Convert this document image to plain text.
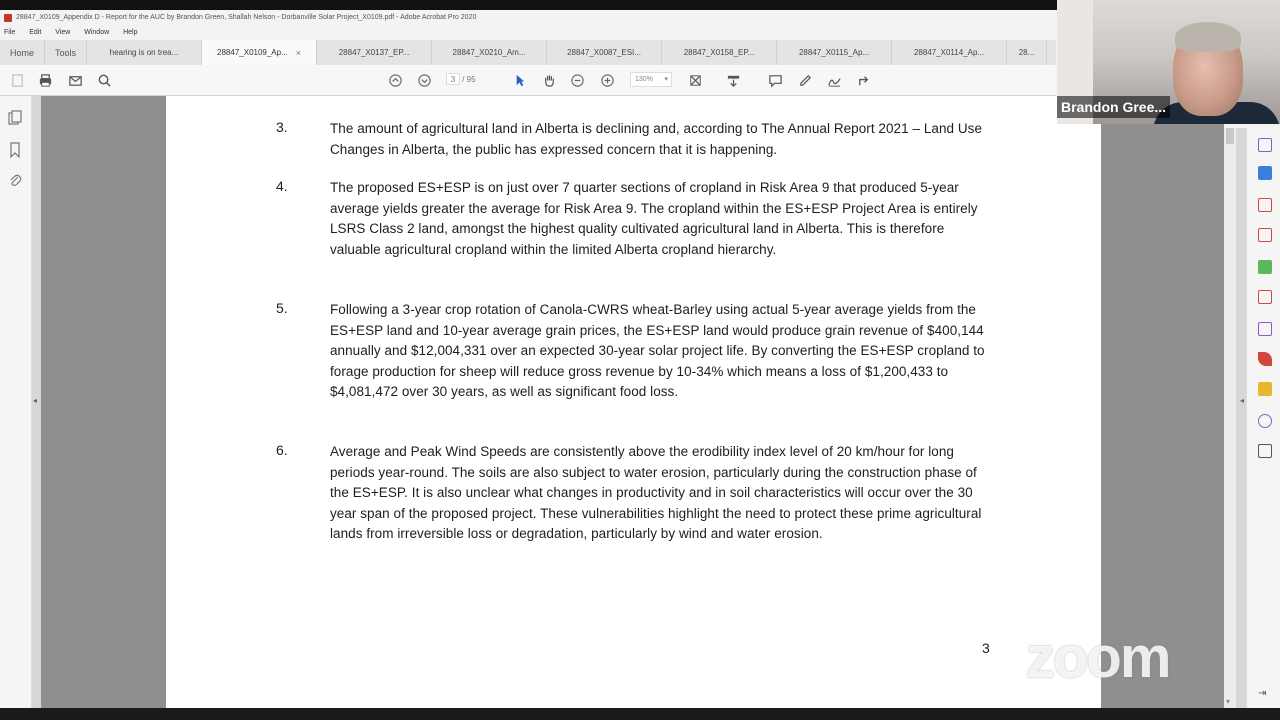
28847_X0109_Appendix D - Report for the AUC by Brandon Green, Shallah Nelson - Dorbanville Solar Project_X0109.pdf - Adobe Acrobat Pro 2020
File Edit View Window Help
Home	Tools	hearing is on trea...	28847_X0109_Ap... ×	28847_X0137_EP...	28847_X0210_Am...	28847_X0087_ESI...	28847_X0158_EP...	28847_X0115_Ap...	28847_X0114_Ap...	28...
3 / 95	130% ▾
◂
3.	The amount of agricultural land in Alberta is declining and, according to The Annual Report 2021 – Land Use Changes in Alberta, the public has expressed concern that it is happening.

4.	The proposed ES+ESP is on just over 7 quarter sections of cropland in Risk Area 9 that produced 5-year average yields greater the average for Risk Area 9. The cropland within the ES+ESP Project Area is entirely LSRS Class 2 land, amongst the highest quality cultivated agricultural land in Alberta. This is therefore valuable agricultural cropland within the limited Alberta cropland hierarchy.

5.	Following a 3-year crop rotation of Canola-CWRS wheat-Barley using actual 5-year average yields from the ES+ESP land and 10-year average grain prices, the ES+ESP land would produce grain revenue of $400,144 annually and $12,004,331 over an expected 30-year solar project life. By converting the ES+ESP cropland to forage production for sheep will reduce gross revenue by 10-34% which means a loss of $1,200,433 to $4,081,472 over 30 years, as well as significant food loss.

6.	Average and Peak Wind Speeds are consistently above the erodibility index level of 20 km/hour for long periods year-round. The soils are also subject to water erosion, particularly during the construction phase of the ES+ESP. It is also unclear what changes in productivity and in soil characteristics will occur over the 30 year span of the proposed project. These vulnerabilities highlight the need to protect these prime agricultural lands from irreversible loss or degradation, particularly by wind and water erosion.

3
▾
◂
⇥
Brandon Gree...
zoom
